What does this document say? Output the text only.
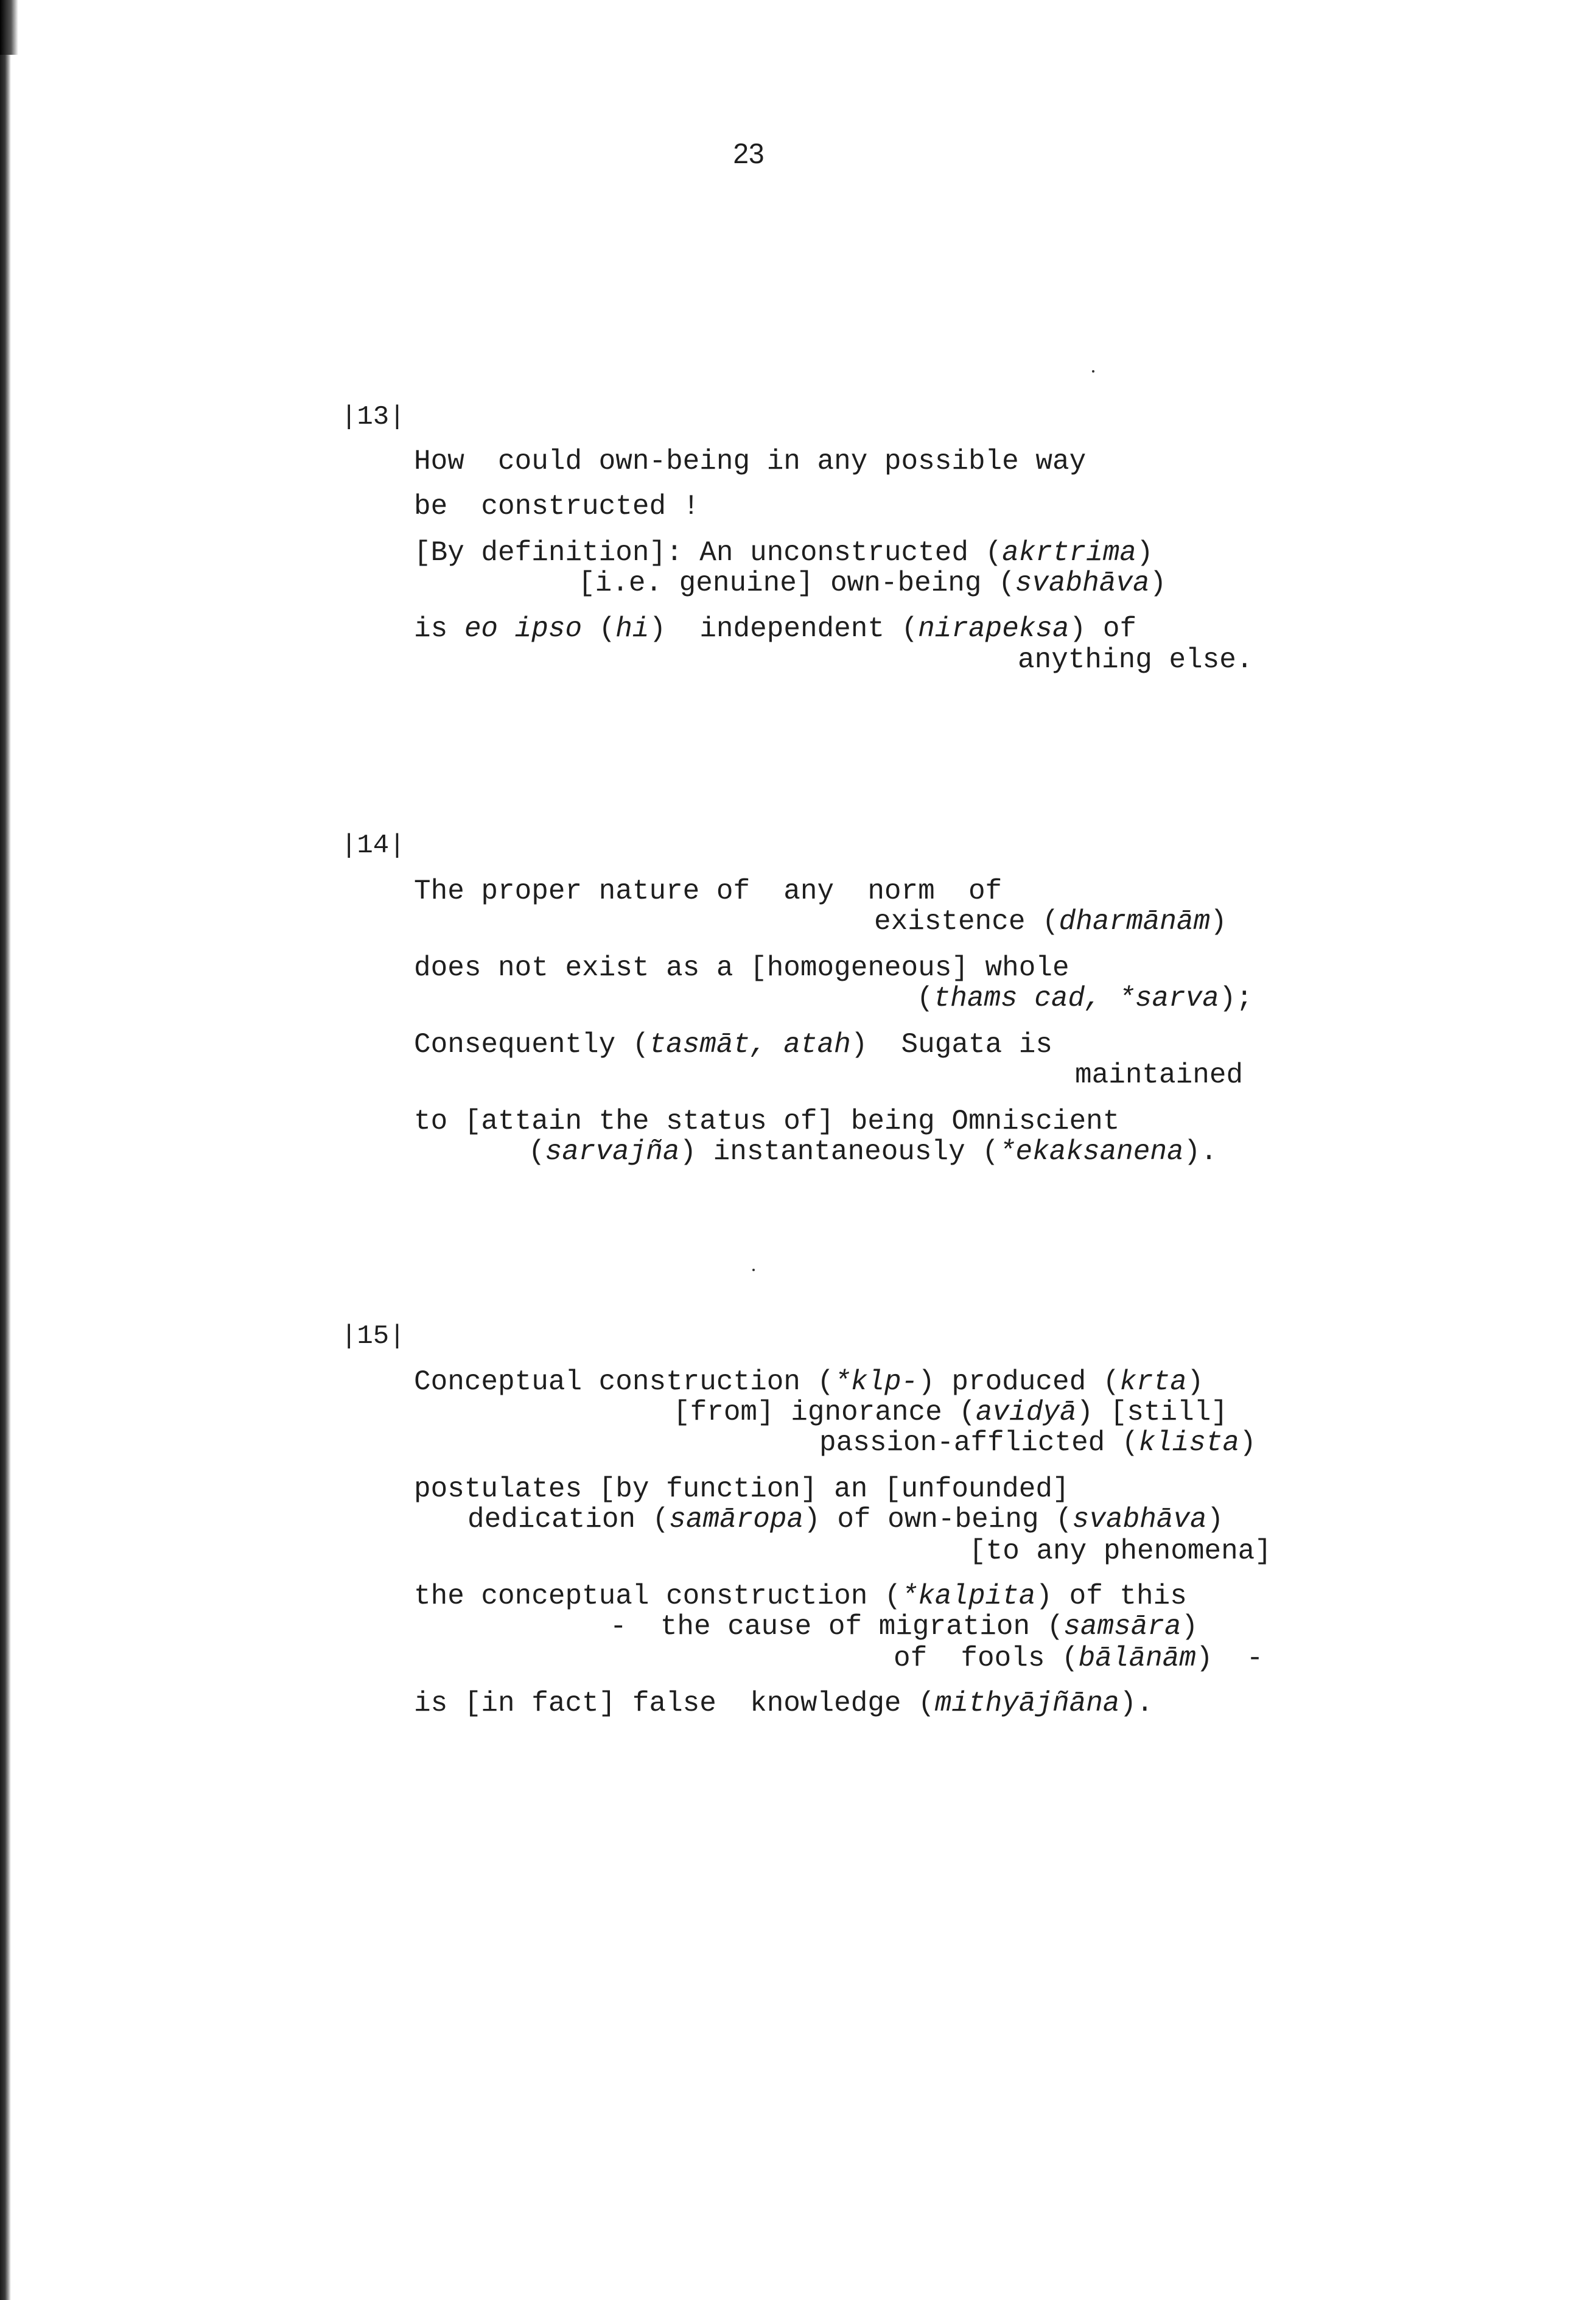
23
|13|
How  could own-being in any possible way
be  constructed !
[By definition]: An unconstructed (akrtrima)
[i.e. genuine] own-being (svabhāva)
is eo ipso (hi)  independent (nirapeksa) of
anything else.
|14|
The proper nature of  any  norm  of
existence (dharmānām)
does not exist as a [homogeneous] whole
(thams cad, *sarva);
Consequently (tasmāt, atah)  Sugata is
maintained
to [attain the status of] being Omniscient
(sarvajña) instantaneously (*ekaksanena).
|15|
Conceptual construction (*klp-) produced (krta)
[from] ignorance (avidyā) [still]
passion-afflicted (klista)
postulates [by function] an [unfounded]
dedication (samāropa) of own-being (svabhāva)
[to any phenomena]
the conceptual construction (*kalpita) of this
-  the cause of migration (samsāra)
of  fools (bālānām)  -
is [in fact] false  knowledge (mithyājñāna).
